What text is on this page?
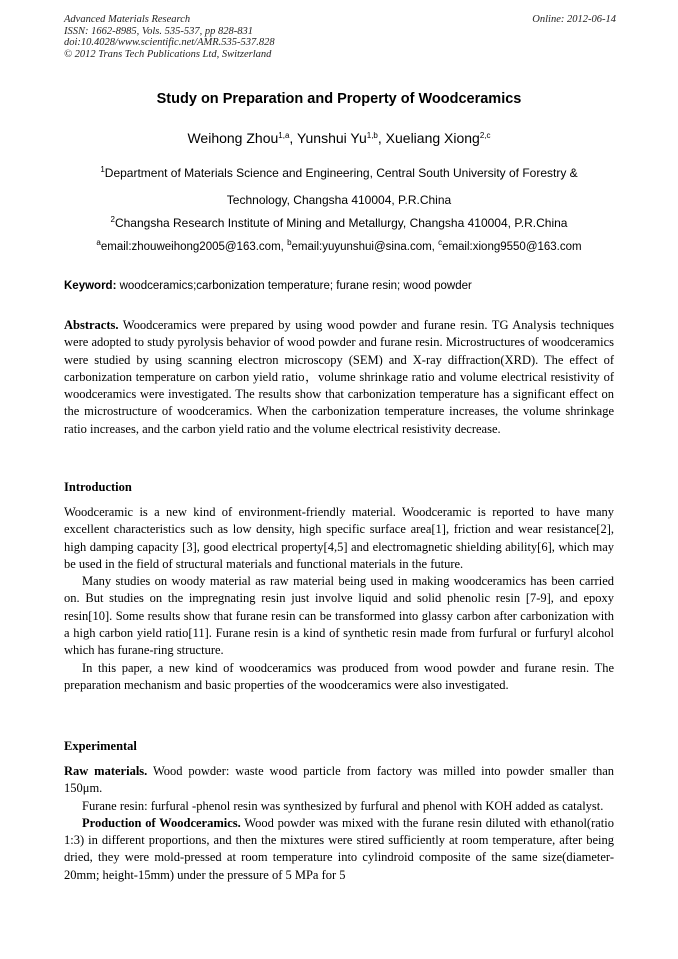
Advanced Materials Research
ISSN: 1662-8985, Vols. 535-537, pp 828-831
doi:10.4028/www.scientific.net/AMR.535-537.828
© 2012 Trans Tech Publications Ltd, Switzerland
Online: 2012-06-14
Study on Preparation and Property of Woodceramics
Weihong Zhou$^{1,a}$, Yunshui Yu$^{1,b}$, Xueliang Xiong$^{2,c}$
$^1$Department of Materials Science and Engineering, Central South University of Forestry &
Technology, Changsha 410004, P.R.China
$^2$Changsha Research Institute of Mining and Metallurgy, Changsha 410004, P.R.China
$^a$email:zhouweihong2005@163.com, $^b$email:yuyunshui@sina.com, $^c$email:xiong9550@163.com
Keyword: woodceramics;carbonization temperature; furane resin; wood powder

Abstracts. Woodceramics were prepared by using wood powder and furane resin. TG Analysis techniques were adopted to study pyrolysis behavior of wood powder and furane resin. Microstructures of woodceramics were studied by using scanning electron microscopy (SEM) and X-ray diffraction(XRD). The effect of carbonization temperature on carbon yield ratio，volume shrinkage ratio and volume electrical resistivity of woodceramics were investigated. The results show that carbonization temperature has a significant effect on the microstructure of woodceramics. When the carbonization temperature increases, the volume shrinkage ratio increases, and the carbon yield ratio and the volume electrical resistivity decrease.

Introduction

Woodceramic is a new kind of environment-friendly material. Woodceramic is reported to have many excellent characteristics such as low density, high specific surface area[1], friction and wear resistance[2], high damping capacity [3], good electrical property[4,5] and electromagnetic shielding ability[6], which may be used in the field of structural materials and functional materials in the future.

Many studies on woody material as raw material being used in making woodceramics has been carried on. But studies on the impregnating resin just involve liquid and solid phenolic resin [7-9], and epoxy resin[10]. Some results show that furane resin can be transformed into glassy carbon after carbonization with a high carbon yield ratio[11]. Furane resin is a kind of synthetic resin made from furfural or furfuryl alcohol which has furane-ring structure.

In this paper, a new kind of woodceramics was produced from wood powder and furane resin. The preparation mechanism and basic properties of the woodceramics were also investigated.

Experimental

Raw materials. Wood powder: waste wood particle from factory was milled into powder smaller than 150μm.

Furane resin: furfural -phenol resin was synthesized by furfural and phenol with KOH added as catalyst.

Production of Woodceramics. Wood powder was mixed with the furane resin diluted with ethanol(ratio 1:3) in different proportions, and then the mixtures were stired sufficiently at room temperature, after being dried, they were mold-pressed at room temperature into cylindroid composite of the same size(diameter-20mm; height-15mm) under the pressure of 5 MPa for 5
